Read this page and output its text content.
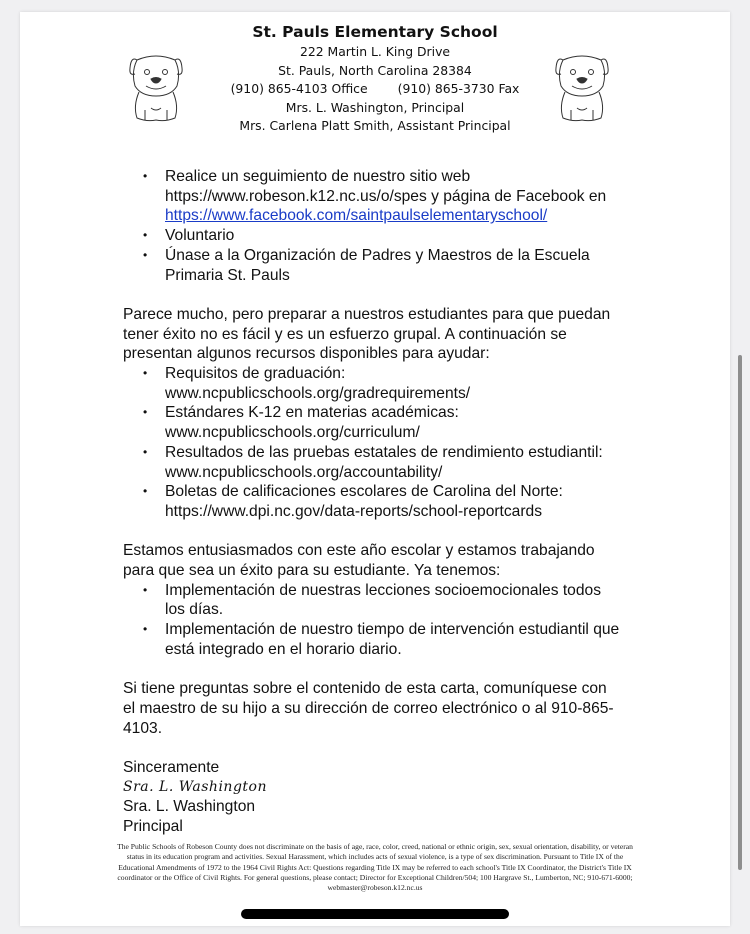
St. Pauls Elementary School
222 Martin L. King Drive
St. Pauls, North Carolina 28384
(910) 865-4103 Office (910) 865-3730 Fax
Mrs. L. Washington, Principal
Mrs. Carlena Platt Smith, Assistant Principal
• Realice un seguimiento de nuestro sitio web https://www.robeson.k12.nc.us/o/spes y página de Facebook en https://www.facebook.com/saintpaulselementaryschool/
• Voluntario
• Únase a la Organización de Padres y Maestros de la Escuela Primaria St. Pauls

Parece mucho, pero preparar a nuestros estudiantes para que puedan tener éxito no es fácil y es un esfuerzo grupal. A continuación se presentan algunos recursos disponibles para ayudar:

• Requisitos de graduación: www.ncpublicschools.org/gradrequirements/
• Estándares K-12 en materias académicas: www.ncpublicschools.org/curriculum/
• Resultados de las pruebas estatales de rendimiento estudiantil: www.ncpublicschools.org/accountability/
• Boletas de calificaciones escolares de Carolina del Norte: https://www.dpi.nc.gov/data-reports/school-reportcards

Estamos entusiasmados con este año escolar y estamos trabajando para que sea un éxito para su estudiante. Ya tenemos:

• Implementación de nuestras lecciones socioemocionales todos los días.
• Implementación de nuestro tiempo de intervención estudiantil que está integrado en el horario diario.

Si tiene preguntas sobre el contenido de esta carta, comuníquese con el maestro de su hijo a su dirección de correo electrónico o al 910-865-4103.

Sinceramente

Sra. L. Washington

Sra. L. Washington

Principal

The Public Schools of Robeson County does not discriminate on the basis of age, race, color, creed, national or ethnic origin, sex, sexual orientation, disability, or veteran status in its education program and activities. Sexual Harassment, which includes acts of sexual violence, is a type of sex discrimination. Pursuant to Title IX of the Educational Amendments of 1972 to the 1964 Civil Rights Act: Questions regarding Title IX may be referred to each school's Title IX Coordinator, the District's Title IX coordinator or the Office of Civil Rights. For general questions, please contact; Director for Exceptional Children/504; 100 Hargrave St., Lumberton, NC; 910-671-6000; webmaster@robeson.k12.nc.us
